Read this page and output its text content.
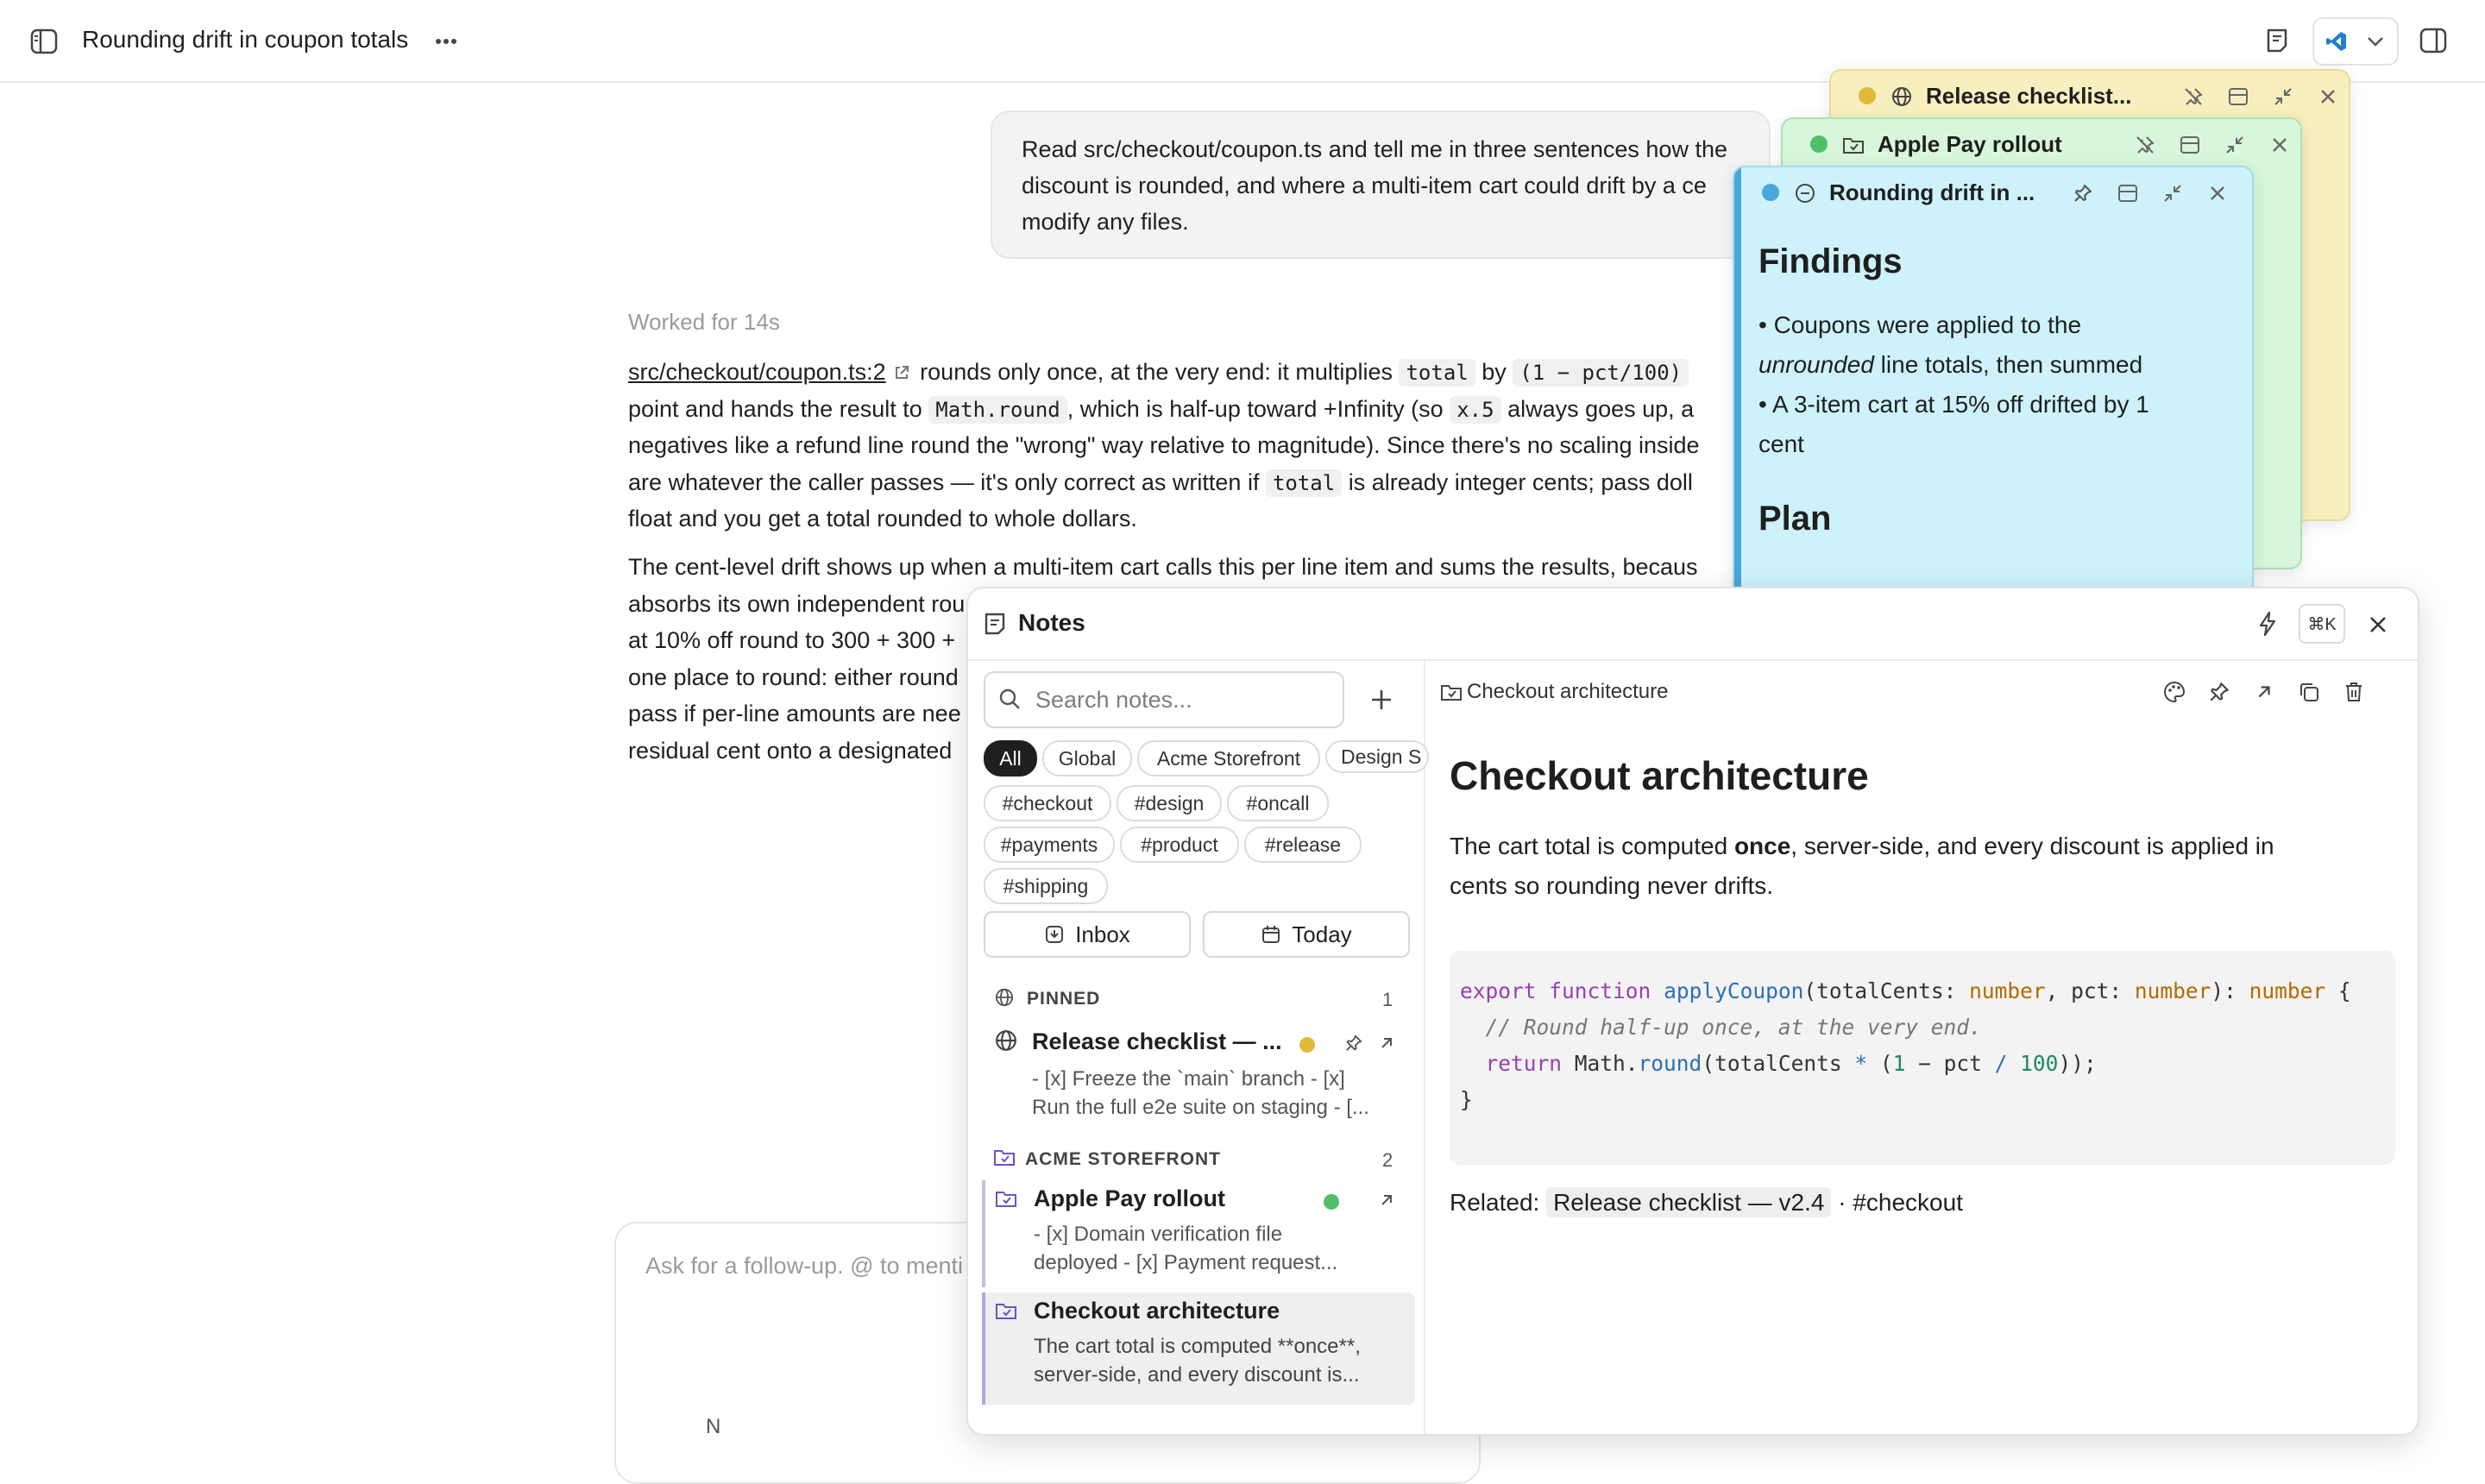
Rounding drift in coupon totals
Read src/checkout/coupon.ts and tell me in three sentences how the
discount is rounded, and where a multi-item cart could drift by a ce
modify any files.
Worked for 14s
src/checkout/coupon.ts:2
rounds only once, at the very end: it multiplies total by (1 − pct/100)
point and hands the result to Math.round , which is half-up toward +Infinity (so x.5 always goes up, a
negatives like a refund line round the "wrong" way relative to magnitude). Since there's no scaling inside
are whatever the caller passes — it's only correct as written if total is already integer cents; pass doll
float and you get a total rounded to whole dollars.
The cent-level drift shows up when a multi-item cart calls this per line item and sums the results, becaus
absorbs its own independent rou
at 10% off round to 300 + 300 +
one place to round: either round
pass if per-line amounts are nee
residual cent onto a designated
Ask for a follow-up. @ to menti
N
Release checklist...
Apple Pay rollout
Rounding drift in ...
Findings
• Coupons were applied to the
unrounded line totals, then summed
• A 3-item cart at 15% off drifted by 1
cent
Plan
Notes	⌘K
Search notes...
All	Global	Acme Storefront	Design S
#checkout	#design	#oncall
#payments	#product	#release
#shipping
Inbox	Today
PINNED	1
Release checklist — ...
- [x] Freeze the `main` branch - [x]
Run the full e2e suite on staging - [...
ACME STOREFRONT	2
Apple Pay rollout
- [x] Domain verification file
deployed - [x] Payment request...
Checkout architecture
The cart total is computed **once**,
server-side, and every discount is...
Checkout architecture
Checkout architecture
The cart total is computed once, server-side, and every discount is applied in
cents so rounding never drifts.
export function applyCoupon(totalCents: number, pct: number): number {
// Round half-up once, at the very end.
return Math.round(totalCents * (1 − pct / 100));
}
Related: Release checklist — v2.4 · #checkout
